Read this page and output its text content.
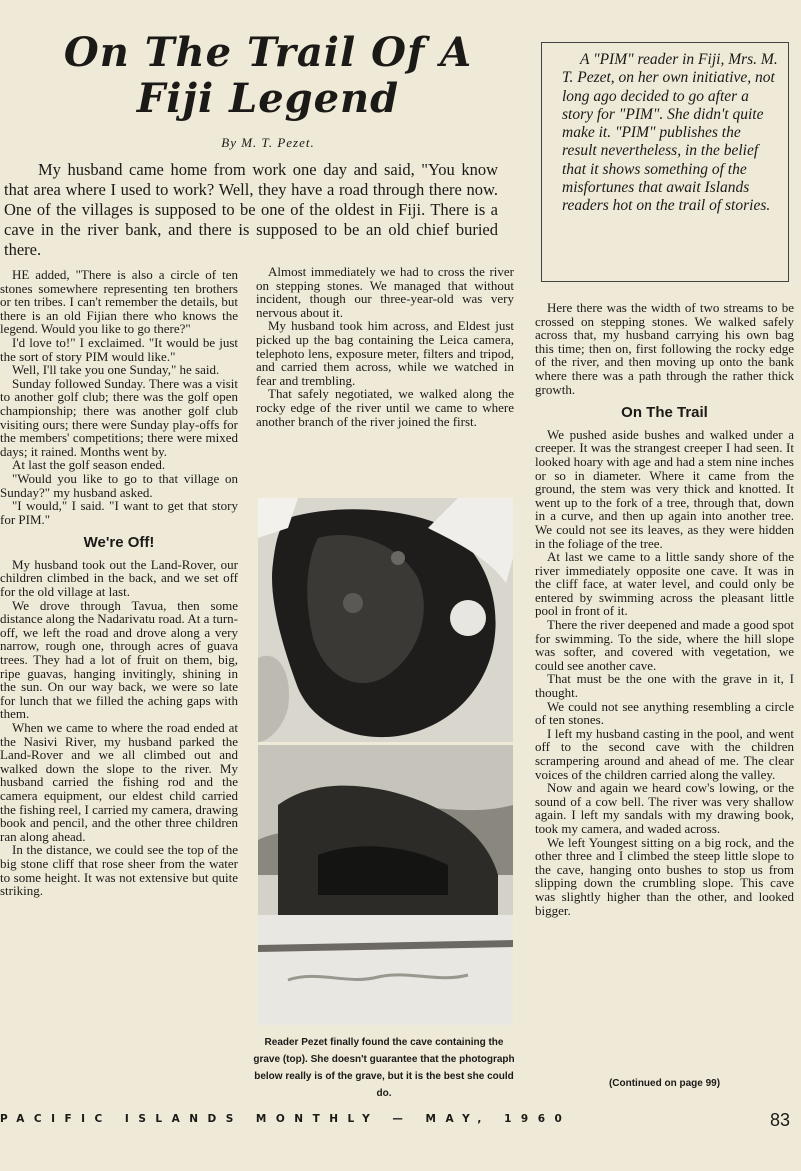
On The Trail Of A
Fiji Legend
By M. T. Pezet.

My husband came home from work one day and said, "You know that area where I used to work? Well, they have a road through there now. One of the villages is supposed to be one of the oldest in Fiji. There is a cave in the river bank, and there is supposed to be an old chief buried there.

A "PIM" reader in Fiji, Mrs. M. T. Pezet, on her own initiative, not long ago decided to go after a story for "PIM". She didn't quite make it. "PIM" publishes the result nevertheless, in the belief that it shows something of the misfortunes that await Islands readers hot on the trail of stories.

HE added, "There is also a circle of ten stones somewhere representing ten brothers or ten tribes. I can't remember the details, but there is an old Fijian there who knows the legend. Would you like to go there?"

I'd love to!" I exclaimed. "It would be just the sort of story PIM would like."

Well, I'll take you one Sunday," he said.

Sunday followed Sunday. There was a visit to another golf club; there was the golf open championship; there was another golf club visiting ours; there were Sunday play-offs for the members' competitions; there were mixed days; it rained. Months went by.

At last the golf season ended.

"Would you like to go to that village on Sunday?" my husband asked.

"I would," I said. "I want to get that story for PIM."

We're Off!

My husband took out the Land-Rover, our children climbed in the back, and we set off for the old village at last.

We drove through Tavua, then some distance along the Nadarivatu road. At a turn-off, we left the road and drove along a very narrow, rough one, through acres of guava trees. They had a lot of fruit on them, big, ripe guavas, hanging invitingly, shining in the sun. On our way back, we were so late for lunch that we filled the aching gaps with them.

When we came to where the road ended at the Nasivi River, my husband parked the Land-Rover and we all climbed out and walked down the slope to the river. My husband carried the fishing rod and the camera equipment, our eldest child carried the fishing reel, I carried my camera, drawing book and pencil, and the other three children ran along ahead.

In the distance, we could see the top of the big stone cliff that rose sheer from the water to some height. It was not extensive but quite striking.

Almost immediately we had to cross the river on stepping stones. We managed that without incident, though our three-year-old was very nervous about it.

My husband took him across, and Eldest just picked up the bag containing the Leica camera, telephoto lens, exposure meter, filters and tripod, and carried them across, while we watched in fear and trembling.

That safely negotiated, we walked along the rocky edge of the river until we came to where another branch of the river joined the first.

Reader Pezet finally found the cave containing the grave (top). She doesn't guarantee that the photograph below really is of the grave, but it is the best she could do.

Here there was the width of two streams to be crossed on stepping stones. We walked safely across that, my husband carrying his own bag this time; then on, first following the rocky edge of the river, and then moving up onto the bank where there was a path through the rather thick growth.

On The Trail

We pushed aside bushes and walked under a creeper. It was the strangest creeper I had seen. It looked hoary with age and had a stem nine inches or so in diameter. Where it came from the ground, the stem was very thick and knotted. It went up to the fork of a tree, through that, down in a curve, and then up again into another tree. We could not see its leaves, as they were hidden in the foliage of the tree.

At last we came to a little sandy shore of the river immediately opposite one cave. It was in the cliff face, at water level, and could only be entered by swimming across the pleasant little pool in front of it.

There the river deepened and made a good spot for swimming. To the side, where the hill slope was softer, and covered with vegetation, we could see another cave.

That must be the one with the grave in it, I thought.

We could not see anything resembling a circle of ten stones.

I left my husband casting in the pool, and went off to the second cave with the children scrampering around and ahead of me. The clear voices of the children carried along the valley.

Now and again we heard cow's lowing, or the sound of a cow bell. The river was very shallow again. I left my sandals with my drawing book, took my camera, and waded across.

We left Youngest sitting on a big rock, and the other three and I climbed the steep little slope to the cave, hanging onto bushes to stop us from slipping down the crumbling slope. This cave was slightly higher than the other, and looked bigger.

(Continued on page 99)
PACIFIC ISLANDS MONTHLY — MAY, 1960	83
